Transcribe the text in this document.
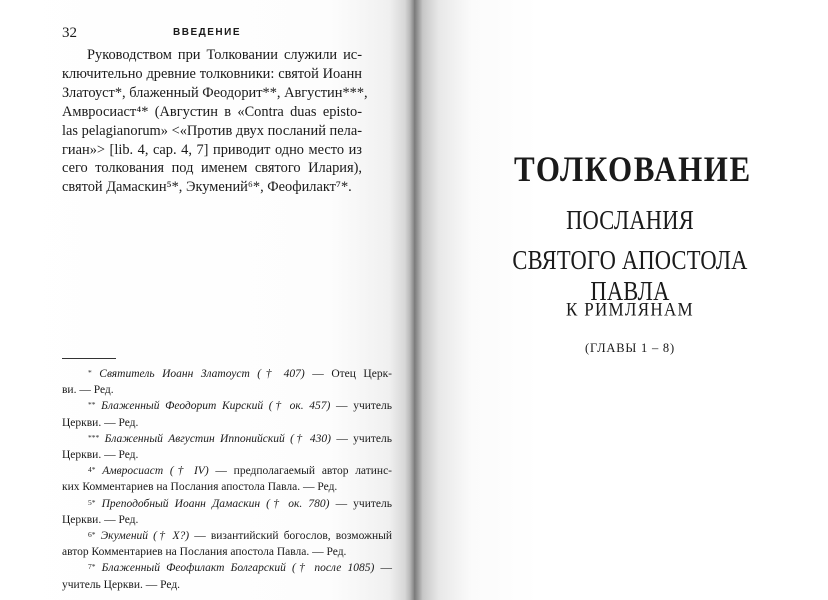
32	ВВЕДЕНИЕ
Руководством при Толковании служили ис-
ключительно древние толковники: святой Иоанн
Златоуст*, блаженный Феодорит**, Августин***,
Амвросиаст⁴* (Августин в «Contra duas episto-
las pelagianorum» <«Против двух посланий пела-
гиан»> [lib. 4, cap. 4, 7] приводит одно место из
сего толкования под именем святого Илария),
святой Дамаскин⁵*, Экумений⁶*, Феофилакт⁷*.
* Святитель Иоанн Златоуст († 407) — Отец Церк-
ви. — Ред.
** Блаженный Феодорит Кирский († ок. 457) — учитель
Церкви. — Ред.
*** Блаженный Августин Иппонийский († 430) — учитель
Церкви. — Ред.
$^{4*}$ Амвросиаст († IV) — предполагаемый автор латинс-
ких Комментариев на Послания апостола Павла. — Ред.
$^{5*}$ Преподобный Иоанн Дамаскин († ок. 780) — учитель
Церкви. — Ред.
$^{6*}$ Экумений († X?) — византийский богослов, возможный
автор Комментариев на Послания апостола Павла. — Ред.
$^{7*}$ Блаженный Феофилакт Болгарский († после 1085) —
учитель Церкви. — Ред.
ТОЛКОВАНИЕ
ПОСЛАНИЯ
СВЯТОГО АПОСТОЛА ПАВЛА
К РИМЛЯНАМ
(ГЛАВЫ 1 – 8)
